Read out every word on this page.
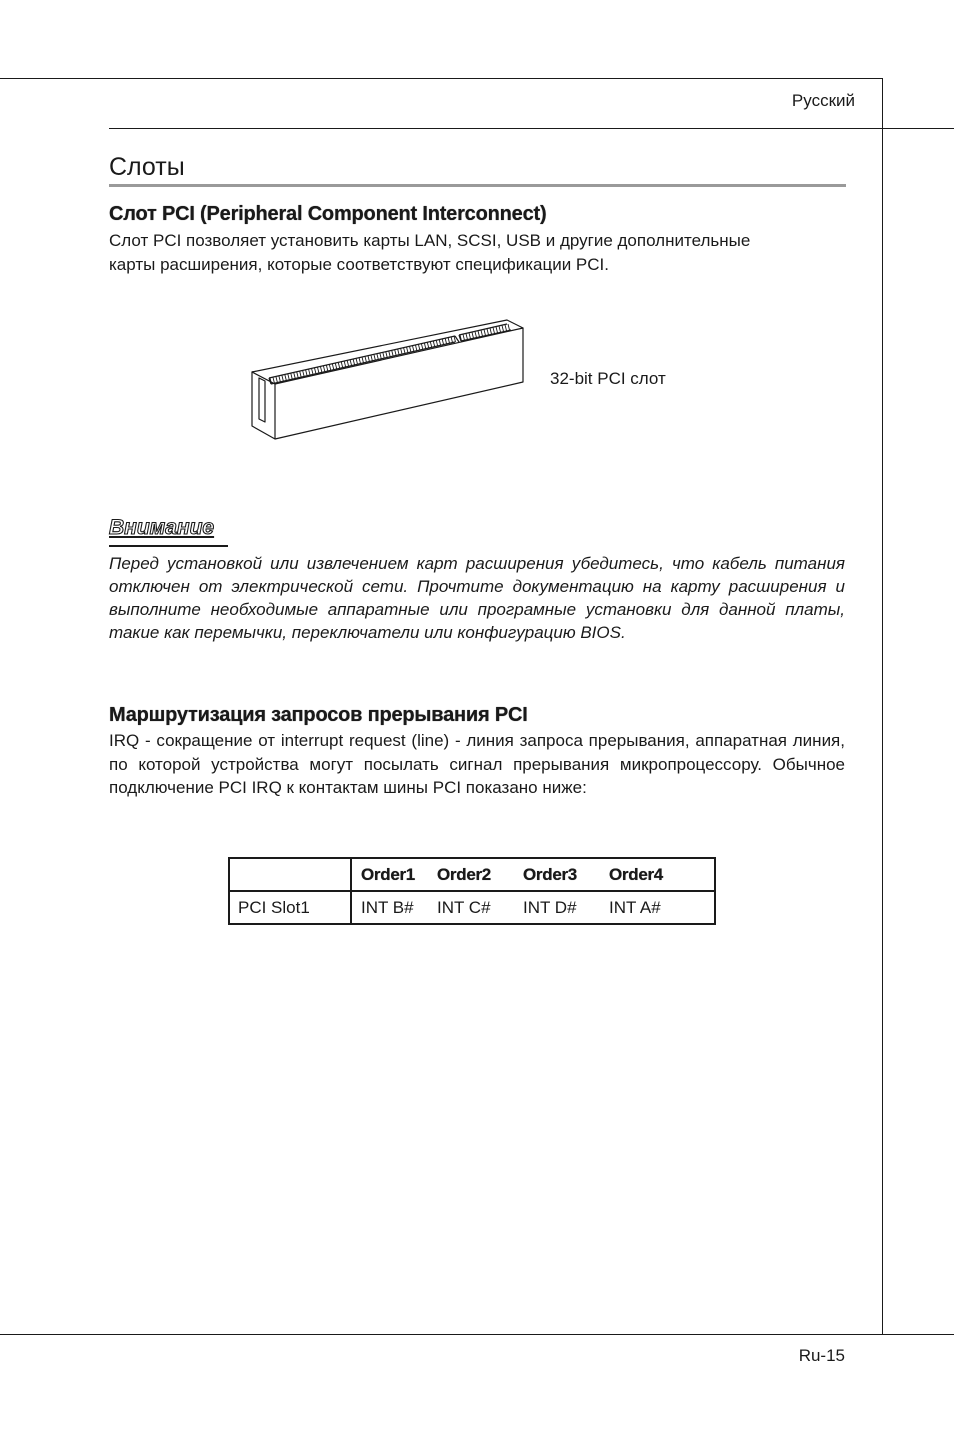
Русский
Слоты
Слот PCI (Peripheral Component Interconnect)
Слот PCI позволяет установить карты LAN, SCSI, USB и другие дополнительные
карты расширения, которые соответствуют спецификации PCI.
32-bit PCI слот
Внимание
Перед установкой или извлечением карт расширения убедитесь, что кабель питания отключен от электрической сети. Прочтите документацию на карту расширения и выполните необходимые аппаратные или програмные установки для данной платы, такие как перемычки, переключатели или конфигурацию BIOS.
Маршрутизация запросов прерывания PCI
IRQ - сокращение от interrupt request (line) - линия запроса прерывания, аппаратная линия, по которой устройства могут посылать сигнал прерывания микропроцессору. Обычное подключение PCI IRQ к контактам шины PCI показано ниже:
	Order1	Order2	Order3	Order4
PCI Slot1	INT B#	INT C#	INT D#	INT A#
Ru-15
